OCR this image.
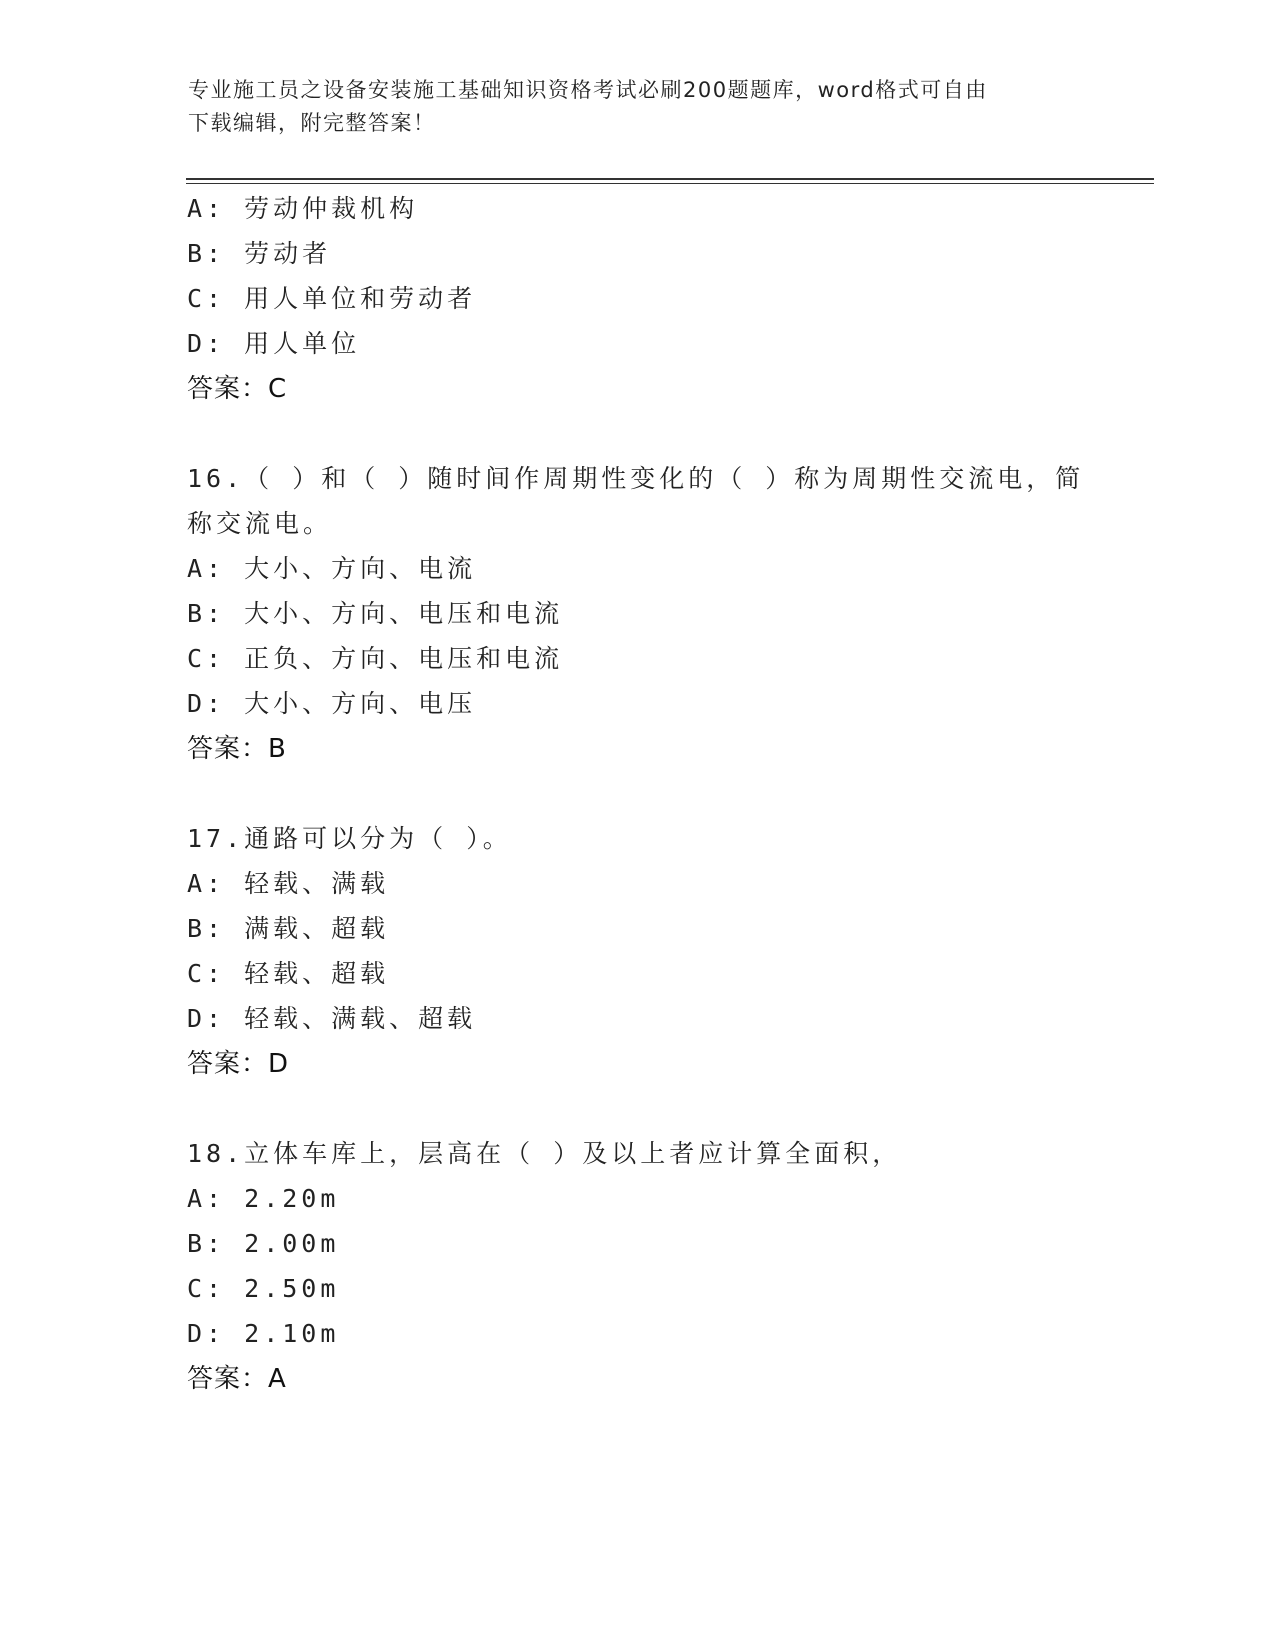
专业施工员之设备安装施工基础知识资格考试必刷200题题库，word格式可自由
下载编辑，附完整答案！
A: 劳动仲裁机构
B: 劳动者
C: 用人单位和劳动者
D: 用人单位
答案：C
16.（ ）和（ ）随时间作周期性变化的（ ）称为周期性交流电，简
称交流电。
A: 大小、方向、电流
B: 大小、方向、电压和电流
C: 正负、方向、电压和电流
D: 大小、方向、电压
答案：B
17.通路可以分为（ ）。
A: 轻载、满载
B: 满载、超载
C: 轻载、超载
D: 轻载、满载、超载
答案：D
18.立体车库上，层高在（ ）及以上者应计算全面积，
A: 2.20m
B: 2.00m
C: 2.50m
D: 2.10m
答案：A
